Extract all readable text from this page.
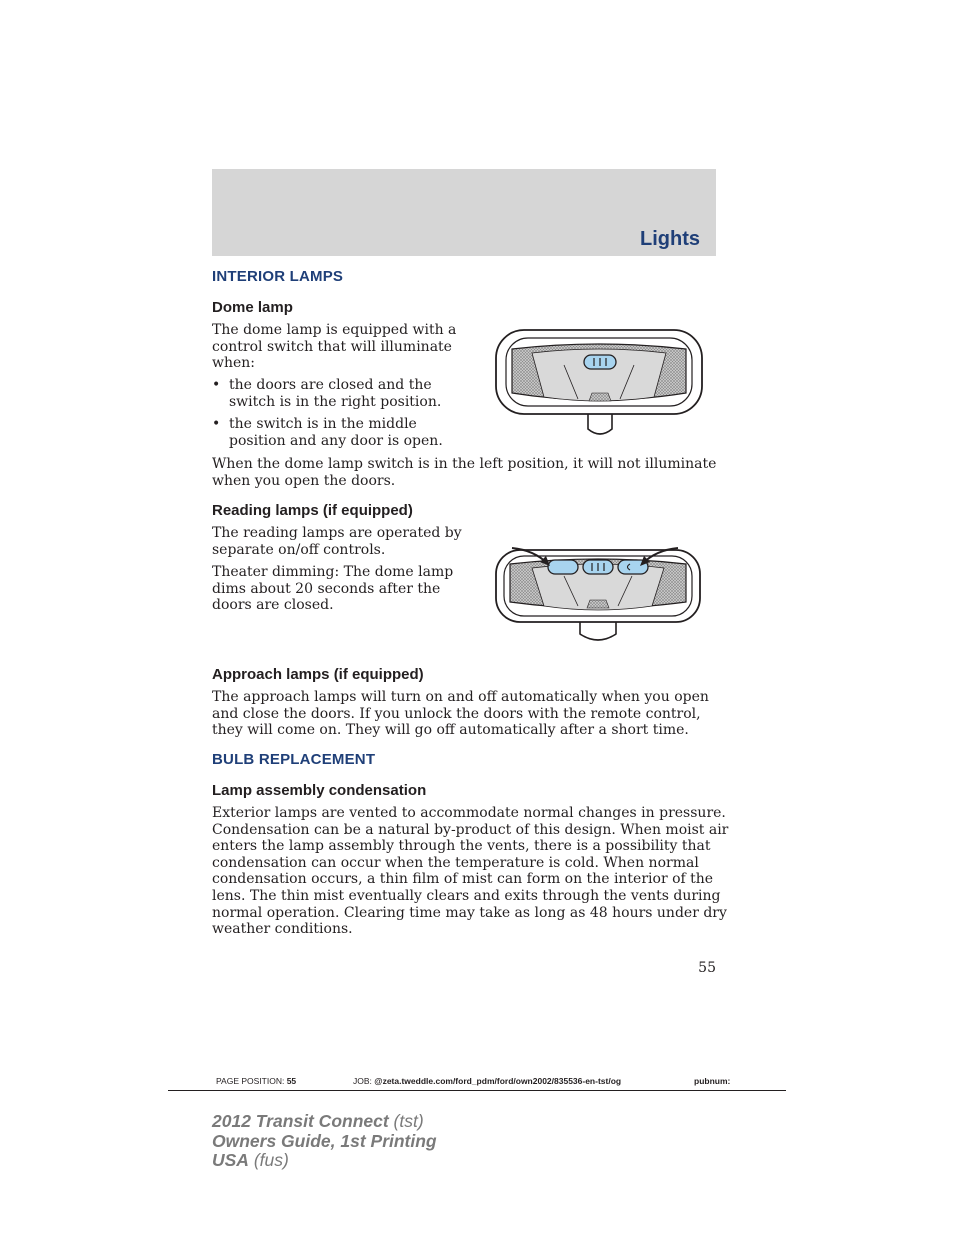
Lights
INTERIOR LAMPS
Dome lamp
The dome lamp is equipped with a
control switch that will illuminate
when:
• the doors are closed and the
switch is in the right position.
• the switch is in the middle
position and any door is open.
When the dome lamp switch is in the left position, it will not illuminate
when you open the doors.
Reading lamps (if equipped)
The reading lamps are operated by
separate on/off controls.
Theater dimming: The dome lamp
dims about 20 seconds after the
doors are closed.
Approach lamps (if equipped)
The approach lamps will turn on and off automatically when you open
and close the doors. If you unlock the doors with the remote control,
they will come on. They will go off automatically after a short time.
BULB REPLACEMENT
Lamp assembly condensation
Exterior lamps are vented to accommodate normal changes in pressure.
Condensation can be a natural by-product of this design. When moist air
enters the lamp assembly through the vents, there is a possibility that
condensation can occur when the temperature is cold. When normal
condensation occurs, a thin film of mist can form on the interior of the
lens. The thin mist eventually clears and exits through the vents during
normal operation. Clearing time may take as long as 48 hours under dry
weather conditions.
55
PAGE POSITION: 55	JOB: @zeta.tweddle.com/ford_pdm/ford/own2002/835536-en-tst/og	pubnum:
2012 Transit Connect (tst)
Owners Guide, 1st Printing
USA (fus)
